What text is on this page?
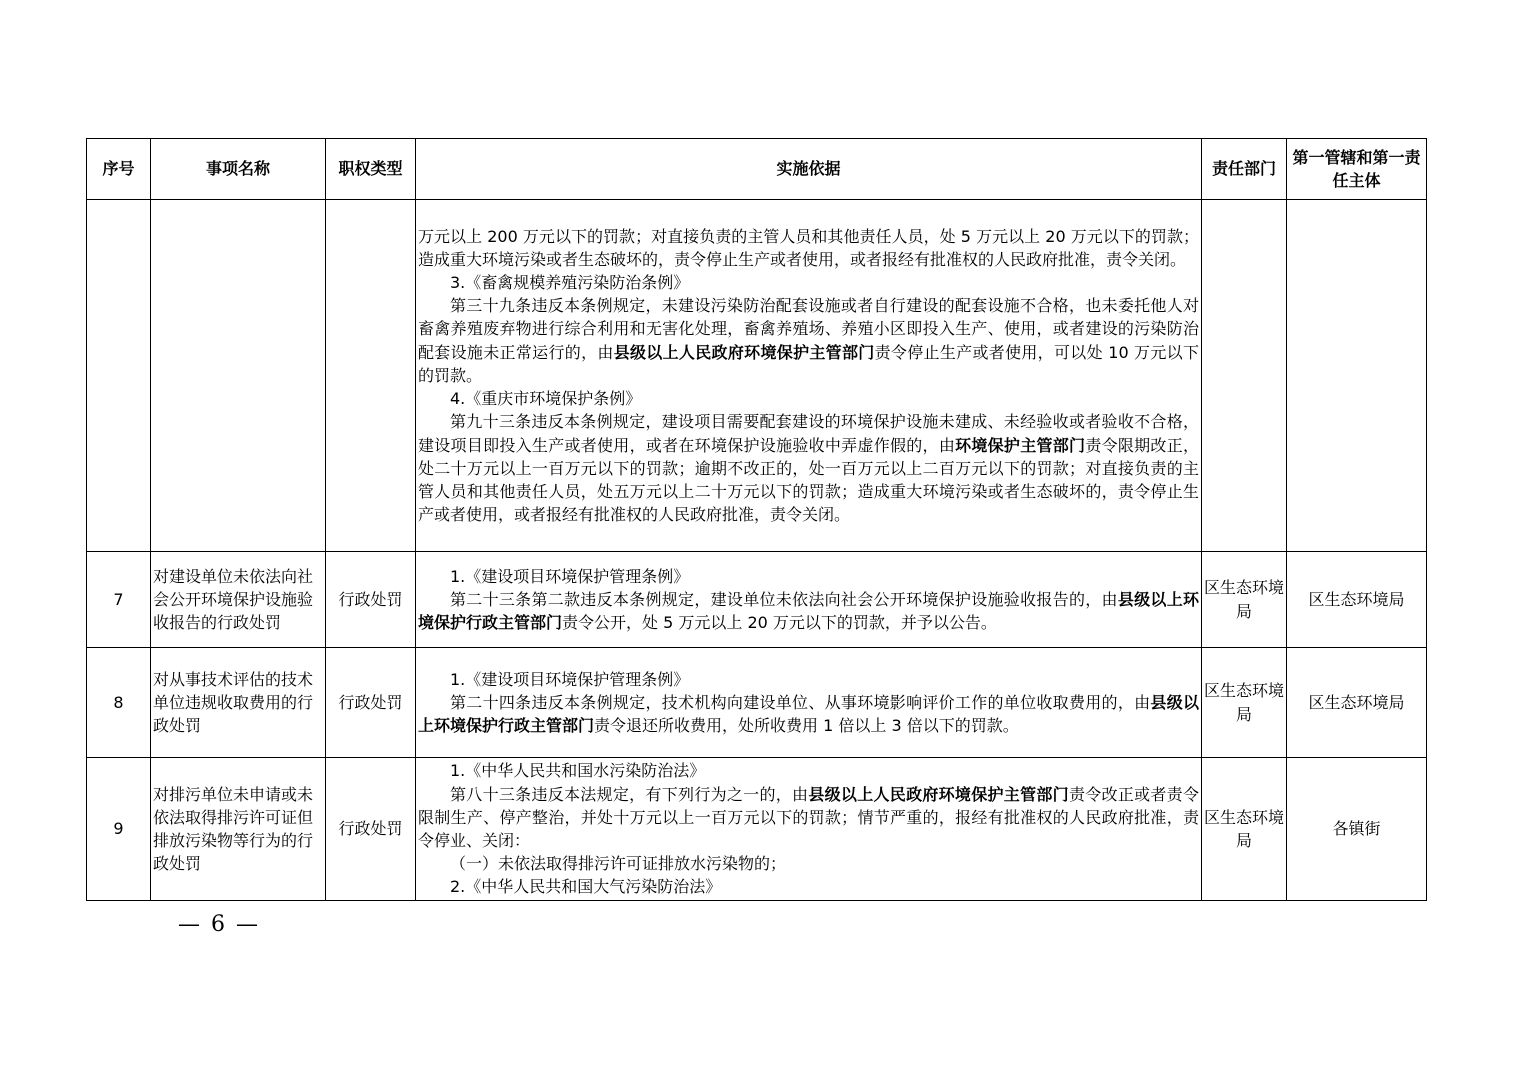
序号	事项名称	职权类型	实施依据	责任部门	第一管辖和第一责任主体

			万元以上 200 万元以下的罚款；对直接负责的主管人员和其他责任人员，处 5 万元以上 20 万元以下的罚款；造成重大环境污染或者生态破坏的，责令停止生产或者使用，或者报经有批准权的人民政府批准，责令关闭。
3.《畜禽规模养殖污染防治条例》
第三十九条违反本条例规定，未建设污染防治配套设施或者自行建设的配套设施不合格，也未委托他人对畜禽养殖废弃物进行综合利用和无害化处理，畜禽养殖场、养殖小区即投入生产、使用，或者建设的污染防治配套设施未正常运行的，由县级以上人民政府环境保护主管部门责令停止生产或者使用，可以处 10 万元以下的罚款。
4.《重庆市环境保护条例》
第九十三条违反本条例规定，建设项目需要配套建设的环境保护设施未建成、未经验收或者验收不合格，建设项目即投入生产或者使用，或者在环境保护设施验收中弄虚作假的，由环境保护主管部门责令限期改正，处二十万元以上一百万元以下的罚款；逾期不改正的，处一百万元以上二百万元以下的罚款；对直接负责的主管人员和其他责任人员，处五万元以上二十万元以下的罚款；造成重大环境污染或者生态破坏的，责令停止生产或者使用，或者报经有批准权的人民政府批准，责令关闭。		

7	对建设单位未依法向社会公开环境保护设施验收报告的行政处罚	行政处罚	1.《建设项目环境保护管理条例》
第二十三条第二款违反本条例规定，建设单位未依法向社会公开环境保护设施验收报告的，由县级以上环境保护行政主管部门责令公开，处 5 万元以上 20 万元以下的罚款，并予以公告。	区生态环境局	区生态环境局
8	对从事技术评估的技术单位违规收取费用的行政处罚	行政处罚	1.《建设项目环境保护管理条例》
第二十四条违反本条例规定，技术机构向建设单位、从事环境影响评价工作的单位收取费用的，由县级以上环境保护行政主管部门责令退还所收费用，处所收费用 1 倍以上 3 倍以下的罚款。	区生态环境局	区生态环境局
9	对排污单位未申请或未依法取得排污许可证但排放污染物等行为的行政处罚	行政处罚	1.《中华人民共和国水污染防治法》
第八十三条违反本法规定，有下列行为之一的，由县级以上人民政府环境保护主管部门责令改正或者责令限制生产、停产整治，并处十万元以上一百万元以下的罚款；情节严重的，报经有批准权的人民政府批准，责令停业、关闭：
（一）未依法取得排污许可证排放水污染物的；
2.《中华人民共和国大气污染防治法》	区生态环境局	各镇街
— 6 —
